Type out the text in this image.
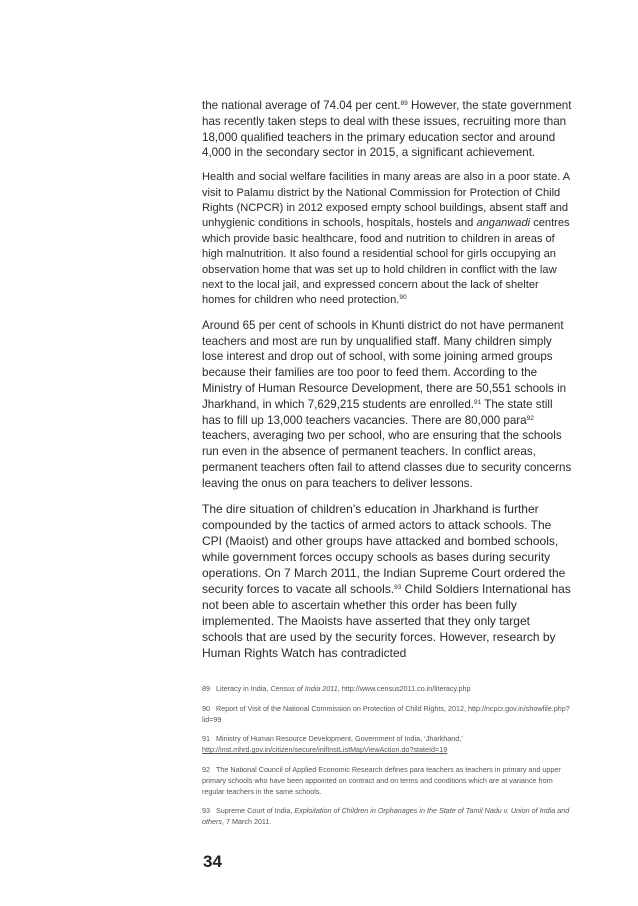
the national average of 74.04 per cent.$^{89}$ However, the state government has recently taken steps to deal with these issues, recruiting more than 18,000 qualified teachers in the primary education sector and around 4,000 in the secondary sector in 2015, a significant achievement.

Health and social welfare facilities in many areas are also in a poor state. A visit to Palamu district by the National Commission for Protection of Child Rights (NCPCR) in 2012 exposed empty school buildings, absent staff and unhygienic conditions in schools, hospitals, hostels and anganwadi centres which provide basic healthcare, food and nutrition to children in areas of high malnutrition. It also found a residential school for girls occupying an observation home that was set up to hold children in conflict with the law next to the local jail, and expressed concern about the lack of shelter homes for children who need protection.$^{90}$

Around 65 per cent of schools in Khunti district do not have permanent teachers and most are run by unqualified staff. Many children simply lose interest and drop out of school, with some joining armed groups because their families are too poor to feed them. According to the Ministry of Human Resource Development, there are 50,551 schools in Jharkhand, in which 7,629,215 students are enrolled.$^{91}$ The state still has to fill up 13,000 teachers vacancies. There are 80,000 para$^{92}$ teachers, averaging two per school, who are ensuring that the schools run even in the absence of permanent teachers. In conflict areas, permanent teachers often fail to attend classes due to security concerns leaving the onus on para teachers to deliver lessons.

The dire situation of children’s education in Jharkhand is further compounded by the tactics of armed actors to attack schools. The CPI (Maoist) and other groups have attacked and bombed schools, while government forces occupy schools as bases during security operations. On 7 March 2011, the Indian Supreme Court ordered the security forces to vacate all schools.$^{93}$ Child Soldiers International has not been able to ascertain whether this order has been fully implemented. The Maoists have asserted that they only target schools that are used by the security forces. However, research by Human Rights Watch has contradicted

89 Literacy in India, Census of India 2011, http://www.census2011.co.in/literacy.php

90 Report of Visit of the National Commission on Protection of Child Rights, 2012, http://ncpcr.gov.in/showfile.php?lid=99

91 Ministry of Human Resource Development, Government of India, ‘Jharkhand,’ http://inst.mhrd.gov.in/citizen/secure/inifInstListMapViewAction.do?stateId=19

92 The National Council of Applied Economic Research defines para teachers as teachers in primary and upper primary schools who have been appointed on contract and on terms and conditions which are at variance from regular teachers in the same schools.

93 Supreme Court of India, Exploitation of Children in Orphanages in the State of Tamil Nadu v. Union of India and others, 7 March 2011.

34
